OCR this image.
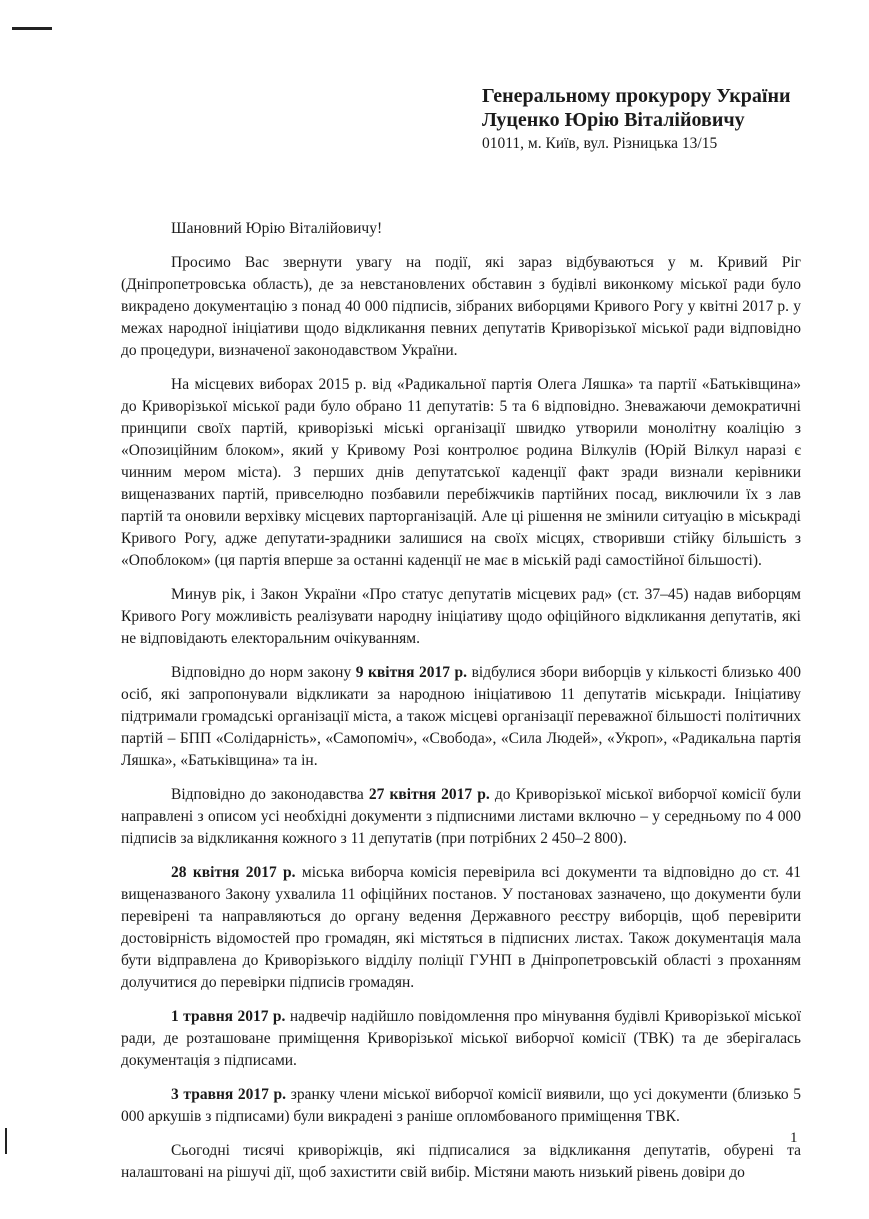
Генеральному прокурору України
Луценко Юрію Віталійовичу
01011, м. Київ, вул. Різницька 13/15

Шановний Юрію Віталійовичу!

Просимо Вас звернути увагу на події, які зараз відбуваються у м. Кривий Ріг (Дніпропетровська область), де за невстановлених обставин з будівлі виконкому міської ради було викрадено документацію з понад 40 000 підписів, зібраних виборцями Кривого Рогу у квітні 2017 р. у межах народної ініціативи щодо відкликання певних депутатів Криворізької міської ради відповідно до процедури, визначеної законодавством України.

На місцевих виборах 2015 р. від «Радикальної партія Олега Ляшка» та партії «Батьківщина» до Криворізької міської ради було обрано 11 депутатів: 5 та 6 відповідно. Зневажаючи демократичні принципи своїх партій, криворізькі міські організації швидко утворили монолітну коаліцію з «Опозиційним блоком», який у Кривому Розі контролює родина Вілкулів (Юрій Вілкул наразі є чинним мером міста). З перших днів депутатської каденції факт зради визнали керівники вищеназваних партій, привселюдно позбавили перебіжчиків партійних посад, виключили їх з лав партій та оновили верхівку місцевих парторганізацій. Але ці рішення не змінили ситуацію в міськраді Кривого Рогу, адже депутати-зрадники залишися на своїх місцях, створивши стійку більшість з «Опоблоком» (ця партія вперше за останні каденції не має в міській раді самостійної більшості).

Минув рік, і Закон України «Про статус депутатів місцевих рад» (ст. 37–45) надав виборцям Кривого Рогу можливість реалізувати народну ініціативу щодо офіційного відкликання депутатів, які не відповідають електоральним очікуванням.

Відповідно до норм закону 9 квітня 2017 р. відбулися збори виборців у кількості близько 400 осіб, які запропонували відкликати за народною ініціативою 11 депутатів міськради. Ініціативу підтримали громадські організації міста, а також місцеві організації переважної більшості політичних партій – БПП «Солідарність», «Самопоміч», «Свобода», «Сила Людей», «Укроп», «Радикальна партія Ляшка», «Батьківщина» та ін.

Відповідно до законодавства 27 квітня 2017 р. до Криворізької міської виборчої комісії були направлені з описом усі необхідні документи з підписними листами включно – у середньому по 4 000 підписів за відкликання кожного з 11 депутатів (при потрібних 2 450–2 800).

28 квітня 2017 р. міська виборча комісія перевірила всі документи та відповідно до ст. 41 вищеназваного Закону ухвалила 11 офіційних постанов. У постановах зазначено, що документи були перевірені та направляються до органу ведення Державного реєстру виборців, щоб перевірити достовірність відомостей про громадян, які містяться в підписних листах. Також документація мала бути відправлена до Криворізького відділу поліції ГУНП в Дніпропетровській області з проханням долучитися до перевірки підписів громадян.

1 травня 2017 р. надвечір надійшло повідомлення про мінування будівлі Криворізької міської ради, де розташоване приміщення Криворізької міської виборчої комісії (ТВК) та де зберігалась документація з підписами.

3 травня 2017 р. зранку члени міської виборчої комісії виявили, що усі документи (близько 5 000 аркушів з підписами) були викрадені з раніше опломбованого приміщення ТВК.

Сьогодні тисячі криворіжців, які підписалися за відкликання депутатів, обурені та налаштовані на рішучі дії, щоб захистити свій вибір. Містяни мають низький рівень довіри до

1
